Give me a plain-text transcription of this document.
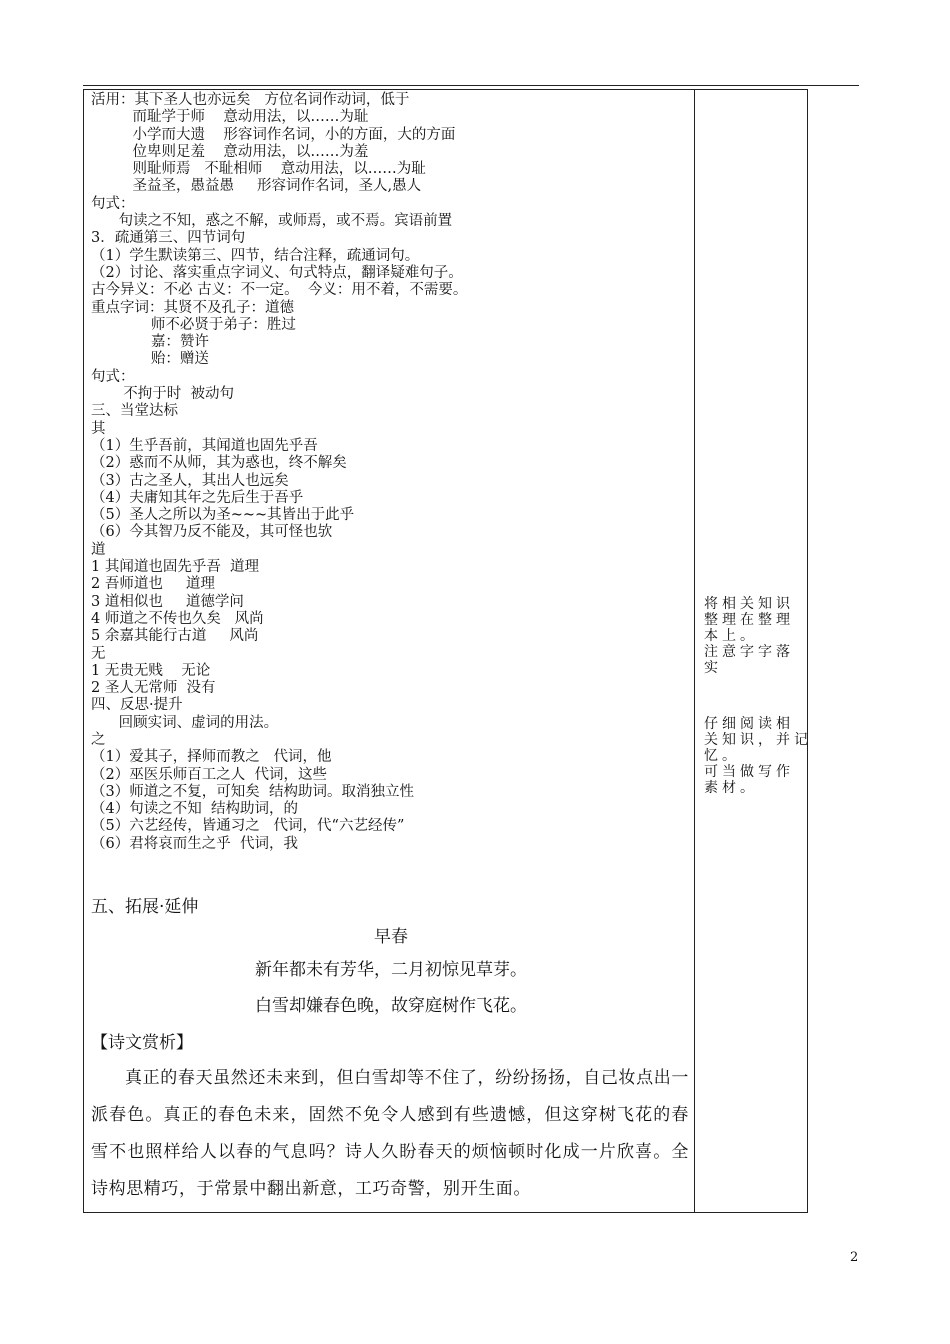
活用：其下圣人也亦远矣   方位名词作动词，低于
而耻学于师    意动用法，以……为耻
小学而大遗    形容词作名词，小的方面，大的方面
位卑则足羞    意动用法，以……为羞
则耻师焉   不耻相师    意动用法，以……为耻
圣益圣，愚益愚     形容词作名词，圣人,愚人
句式：
句读之不知，惑之不解，或师焉，或不焉。宾语前置
3．疏通第三、四节词句
（1）学生默读第三、四节，结合注释，疏通词句。
（2）讨论、落实重点字词义、句式特点，翻译疑难句子。
古今异义：不必 古义：不一定。  今义：用不着，不需要。
重点字词：其贤不及孔子：道德
师不必贤于弟子：胜过
嘉：赞许
贻：赠送
句式：
不拘于时  被动句
三、当堂达标
其
（1）生乎吾前，其闻道也固先乎吾
（2）惑而不从师，其为惑也，终不解矣
（3）古之圣人，其出人也远矣
（4）夫庸知其年之先后生于吾乎
（5）圣人之所以为圣~~~其皆出于此乎
（6）今其智乃反不能及，其可怪也欤
道
1 其闻道也固先乎吾  道理
2 吾师道也     道理
3 道相似也     道德学问
4 师道之不传也久矣   风尚
5 余嘉其能行古道     风尚
无
1 无贵无贱    无论
2 圣人无常师  没有
四、反思·提升
回顾实词、虚词的用法。
之
（1）爱其子，择师而教之   代词，他
（2）巫医乐师百工之人  代词，这些
（3）师道之不复，可知矣  结构助词。取消独立性
（4）句读之不知  结构助词，的
（5）六艺经传，皆通习之   代词，代“六艺经传”
（6）君将哀而生之乎  代词，我
将相关知识
整理在整理
本上。
注意字字落
实
仔细阅读相
关知识，并记
忆。
可当做写作
素材。
五、拓展·延伸
早春
新年都未有芳华，二月初惊见草芽。
白雪却嫌春色晚，故穿庭树作飞花。
【诗文赏析】
真正的春天虽然还未来到，但白雪却等不住了，纷纷扬扬，自己妆点出一派春色。真正的春色未来，固然不免令人感到有些遗憾，但这穿树飞花的春雪不也照样给人以春的气息吗？诗人久盼春天的烦恼顿时化成一片欣喜。全诗构思精巧，于常景中翻出新意，工巧奇警，别开生面。
2
